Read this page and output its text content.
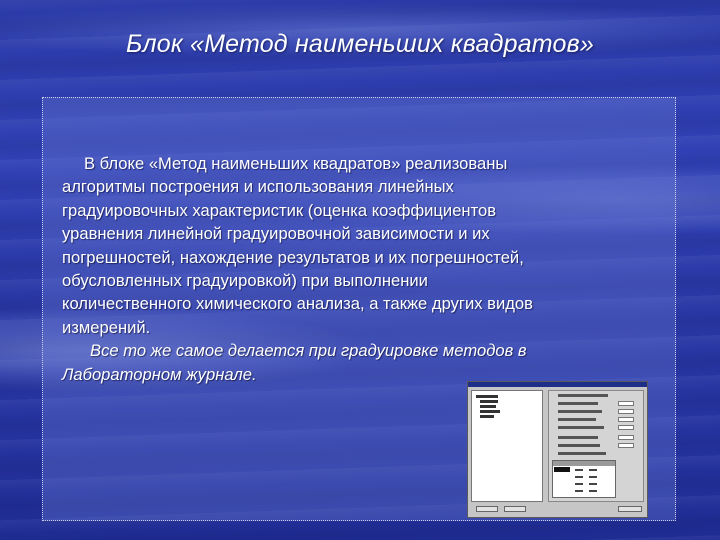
Блок «Метод наименьших квадратов»

В блоке «Метод наименьших квадратов» реализованы

алгоритмы построения и использования линейных

градуировочных характеристик (оценка коэффициентов

уравнения линейной градуировочной зависимости и их

погрешностей, нахождение результатов и их погрешностей,

обусловленных градуировкой) при выполнении

количественного химического анализа, а также других видов

измерений.

Все то же самое делается при градуировке методов в

Лабораторном журнале.
